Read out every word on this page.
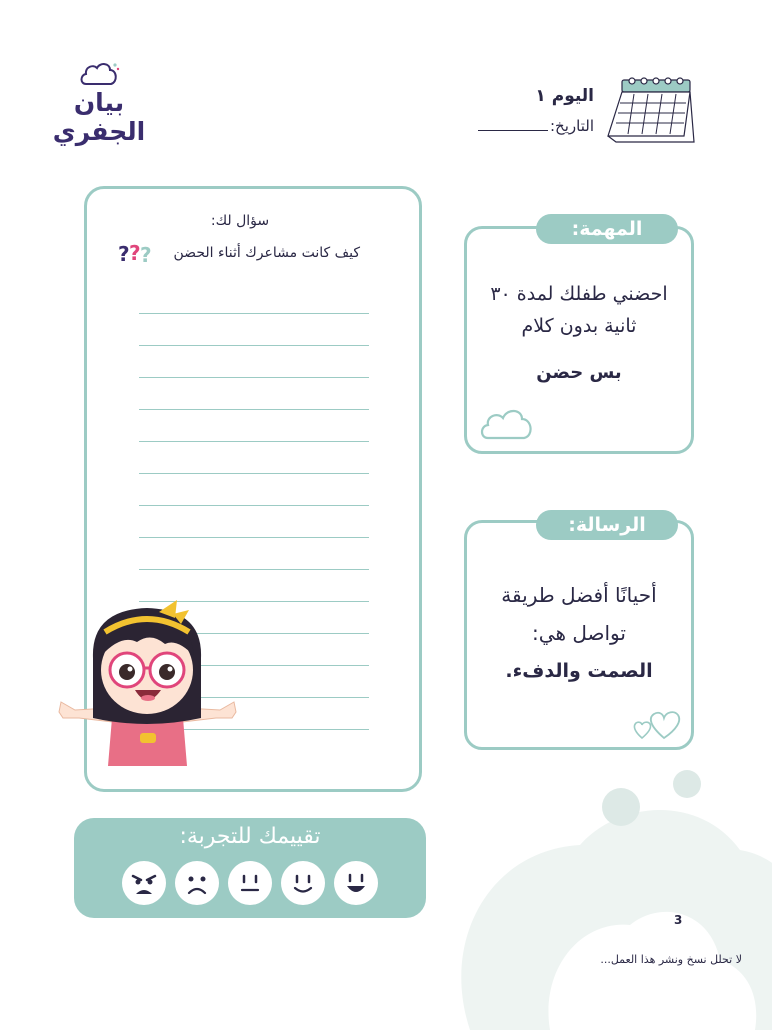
بيان الجفري
اليوم ١
التاريخ:
سؤال لك:
كيف كانت مشاعرك أثناء الحضن
? ? ?
المهمة:
احضني طفلك لمدة ٣٠ ثانية بدون كلام
بس حضن
الرسالة:
أحيانًا أفضل طريقة تواصل هي:
الصمت والدفء.
تقييمك للتجربة:
3
لا تحلل نسخ ونشر هذا العمل...
